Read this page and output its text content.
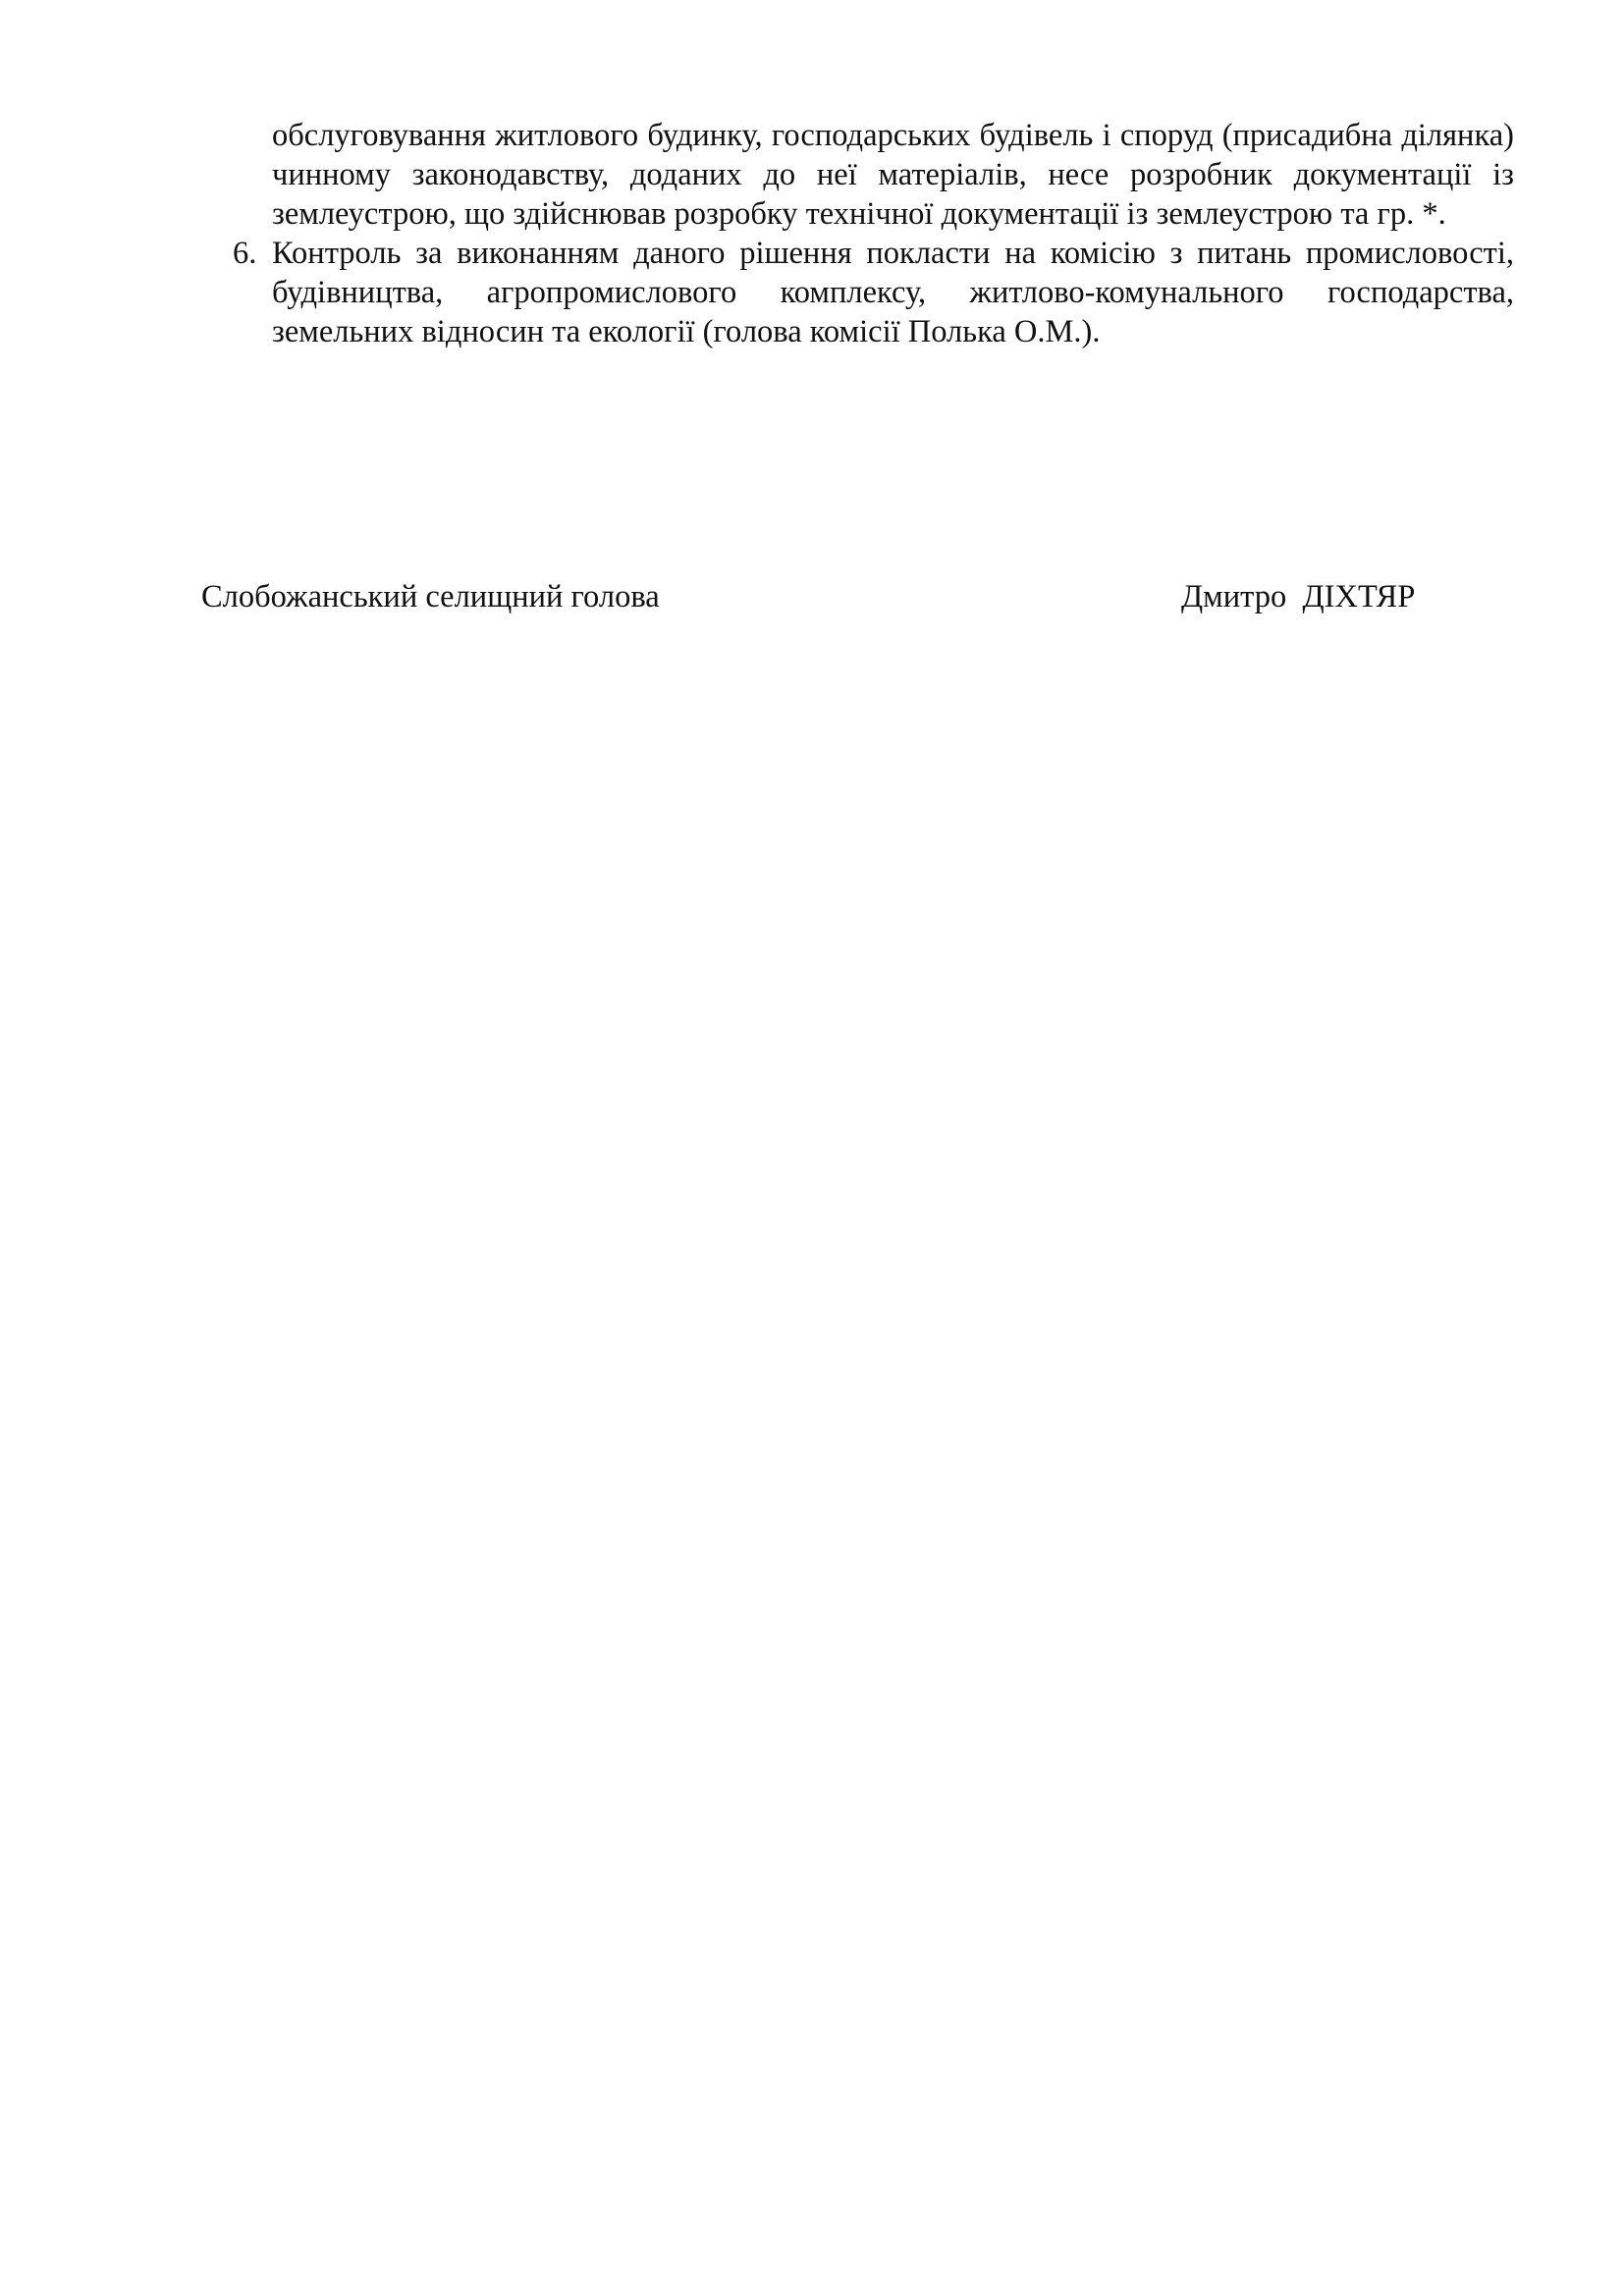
обслуговування житлового будинку, господарських будівель і споруд (присадибна ділянка) чинному законодавству, доданих до неї матеріалів, несе розробник документації із землеустрою, що здійснював розробку технічної документації із землеустрою та гр. *.

6. Контроль за виконанням даного рішення покласти на комісію з питань промисловості, будівництва, агропромислового комплексу, житлово-комунального господарства, земельних відносин та екології (голова комісії Полька О.М.).

Слобожанський селищний голова	Дмитро  ДІХТЯР
